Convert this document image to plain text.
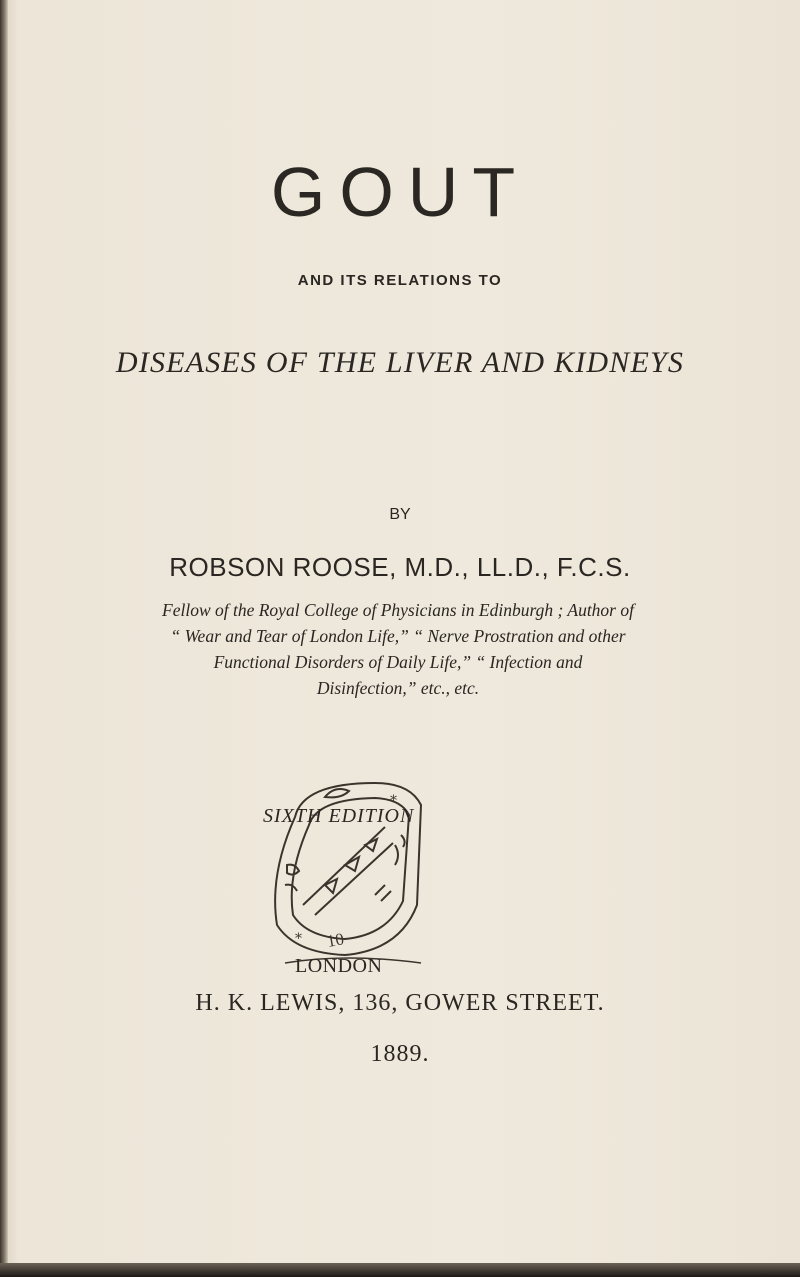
GOUT
AND ITS RELATIONS TO
DISEASES OF THE LIVER AND KIDNEYS
BY
ROBSON ROOSE, M.D., LL.D., F.C.S.
Fellow of the Royal College of Physicians in Edinburgh ; Author of
“ Wear and Tear of London Life,” “ Nerve Prostration and other
Functional Disorders of Daily Life,” “ Infection and
Disinfection,” etc., etc.
*
* 10
SIXTH EDITION
LONDON
H. K. LEWIS, 136, GOWER STREET.
1889.
